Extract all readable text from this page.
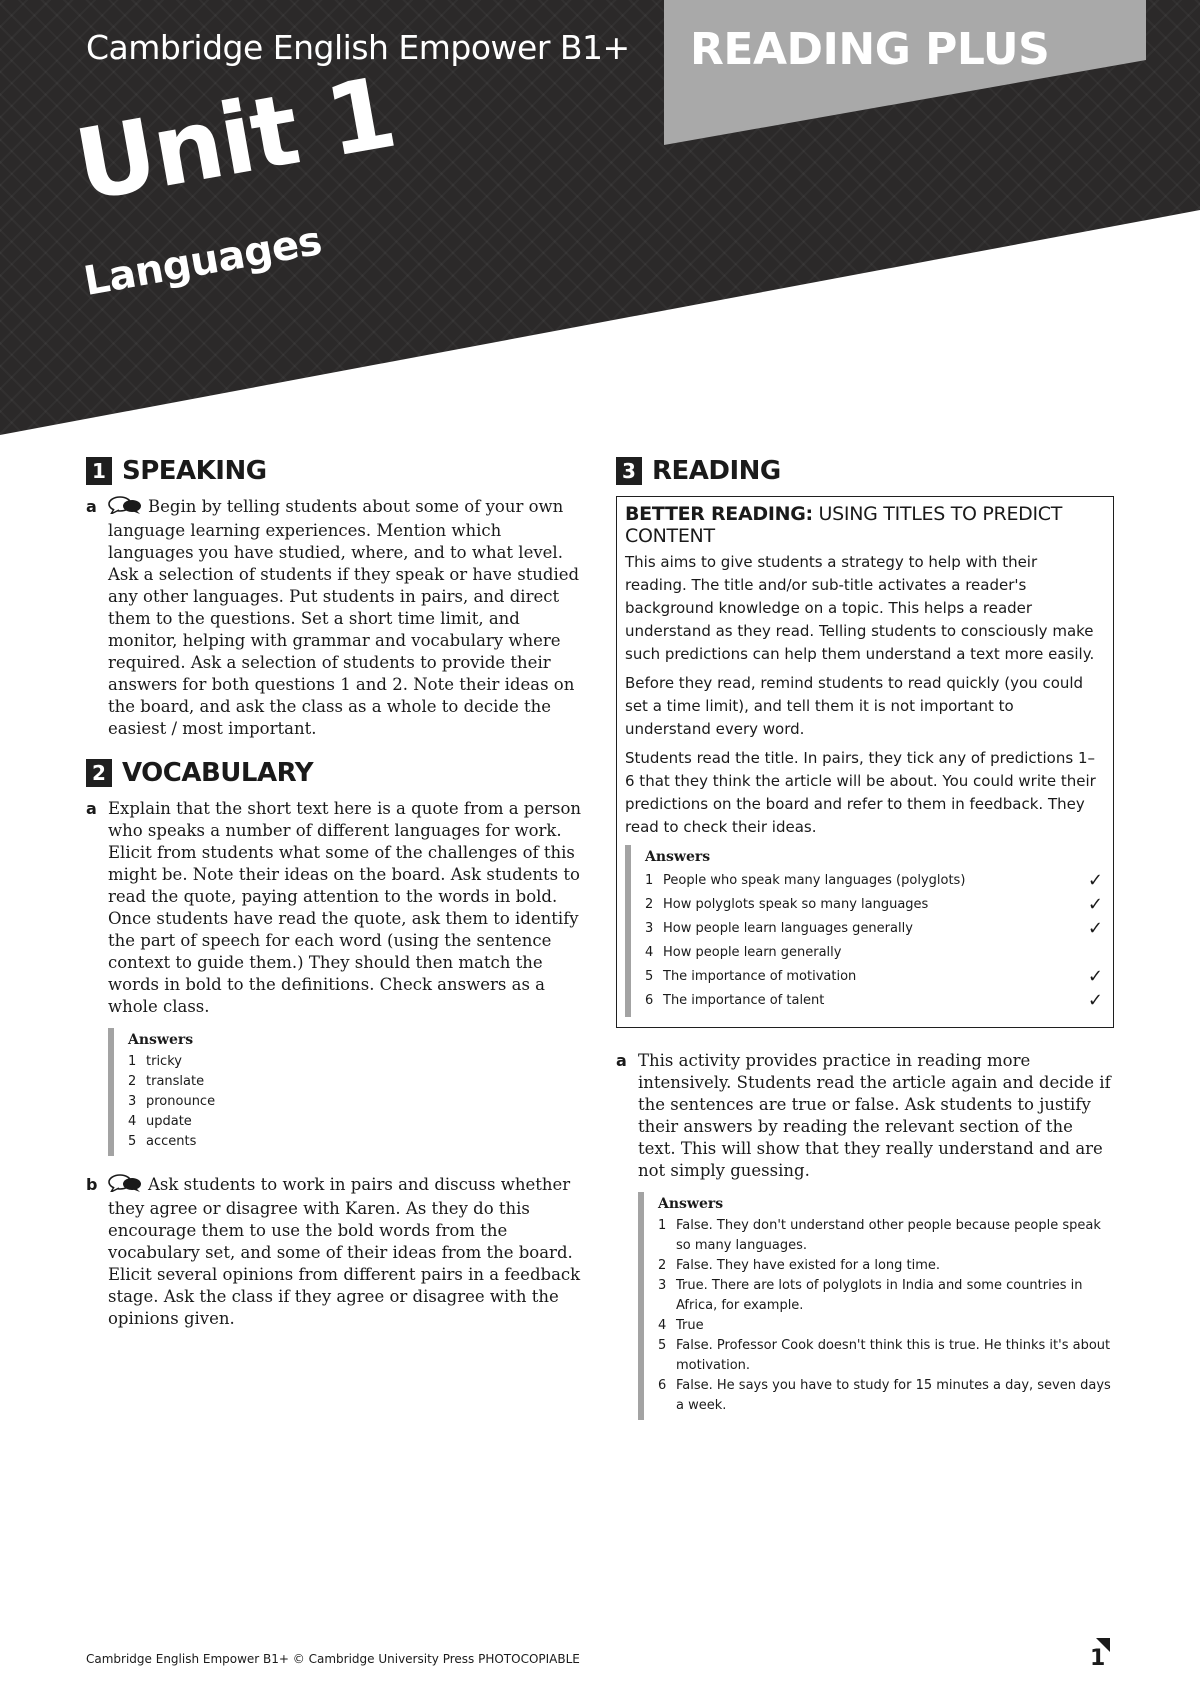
Cambridge English Empower B1+ READING PLUS
Unit 1
Languages
1 SPEAKING
a	Begin by telling students about some of your own language learning experiences. Mention which languages you have studied, where, and to what level. Ask a selection of students if they speak or have studied any other languages. Put students in pairs, and direct them to the questions. Set a short time limit, and monitor, helping with grammar and vocabulary where required. Ask a selection of students to provide their answers for both questions 1 and 2. Note their ideas on the board, and ask the class as a whole to decide the easiest / most important.
2 VOCABULARY
a Explain that the short text here is a quote from a person who speaks a number of different languages for work. Elicit from students what some of the challenges of this might be. Note their ideas on the board. Ask students to read the quote, paying attention to the words in bold. Once students have read the quote, ask them to identify the part of speech for each word (using the sentence context to guide them.) They should then match the words in bold to the definitions. Check answers as a whole class.
Answers
1 tricky
2 translate
3 pronounce
4 update
5 accents
b	Ask students to work in pairs and discuss whether they agree or disagree with Karen. As they do this encourage them to use the bold words from the vocabulary set, and some of their ideas from the board. Elicit several opinions from different pairs in a feedback stage. Ask the class if they agree or disagree with the opinions given.
3 READING
BETTER READING: USING TITLES TO PREDICT CONTENT

This aims to give students a strategy to help with their reading. The title and/or sub-title activates a reader's background knowledge on a topic. This helps a reader understand as they read. Telling students to consciously make such predictions can help them understand a text more easily.

Before they read, remind students to read quickly (you could set a time limit), and tell them it is not important to understand every word.

Students read the title. In pairs, they tick any of predictions 1–6 that they think the article will be about. You could write their predictions on the board and refer to them in feedback. They read to check their ideas.

Answers
1 People who speak many languages (polyglots)	✓
2 How polyglots speak so many languages	✓
3 How people learn languages generally	✓
4 How people learn generally
5 The importance of motivation	✓
6 The importance of talent	✓
a This activity provides practice in reading more intensively. Students read the article again and decide if the sentences are true or false. Ask students to justify their answers by reading the relevant section of the text. This will show that they really understand and are not simply guessing.
Answers
1 False. They don't understand other people because people speak so many languages.
2 False. They have existed for a long time.
3 True. There are lots of polyglots in India and some countries in Africa, for example.
4 True
5 False. Professor Cook doesn't think this is true. He thinks it's about motivation.
6 False. He says you have to study for 15 minutes a day, seven days a week.
Cambridge English Empower B1+ © Cambridge University Press PHOTOCOPIABLE	1
